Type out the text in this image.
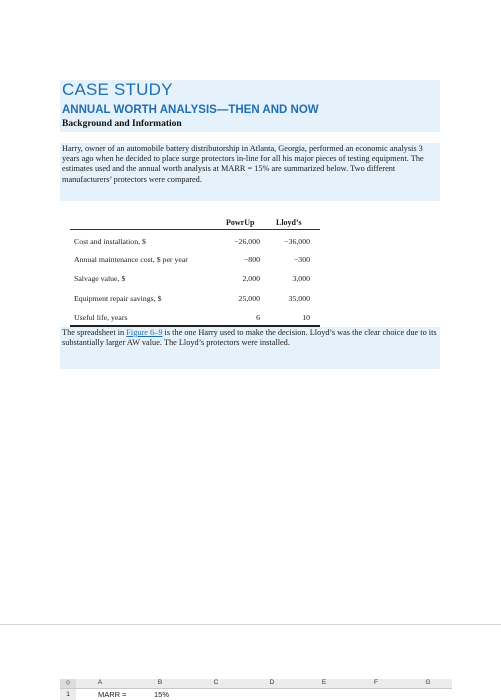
CASE STUDY
ANNUAL WORTH ANALYSIS—THEN AND NOW
Background and Information
Harry, owner of an automobile battery distributorship in Atlanta, Georgia, performed an economic analysis 3 years ago when he decided to place surge protectors in-line for all his major pieces of testing equipment. The estimates used and the annual worth analysis at MARR = 15% are summarized below. Two different manufacturers’ protectors were compared.
PowrUp	Lloyd’s
Cost and installation, $	−26,000	−36,000
Annual maintenance cost, $ per year	−800	−300
Salvage value, $	2,000	3,000
Equipment repair savings, $	25,000	35,000
Useful life, years	6	10
The spreadsheet in Figure 6–9 is the one Harry used to make the decision. Lloyd’s was the clear choice due to its substantially larger AW value. The Lloyd’s protectors were installed.
◇	A	B	C	D	E	F	G
1	MARR =	15%
